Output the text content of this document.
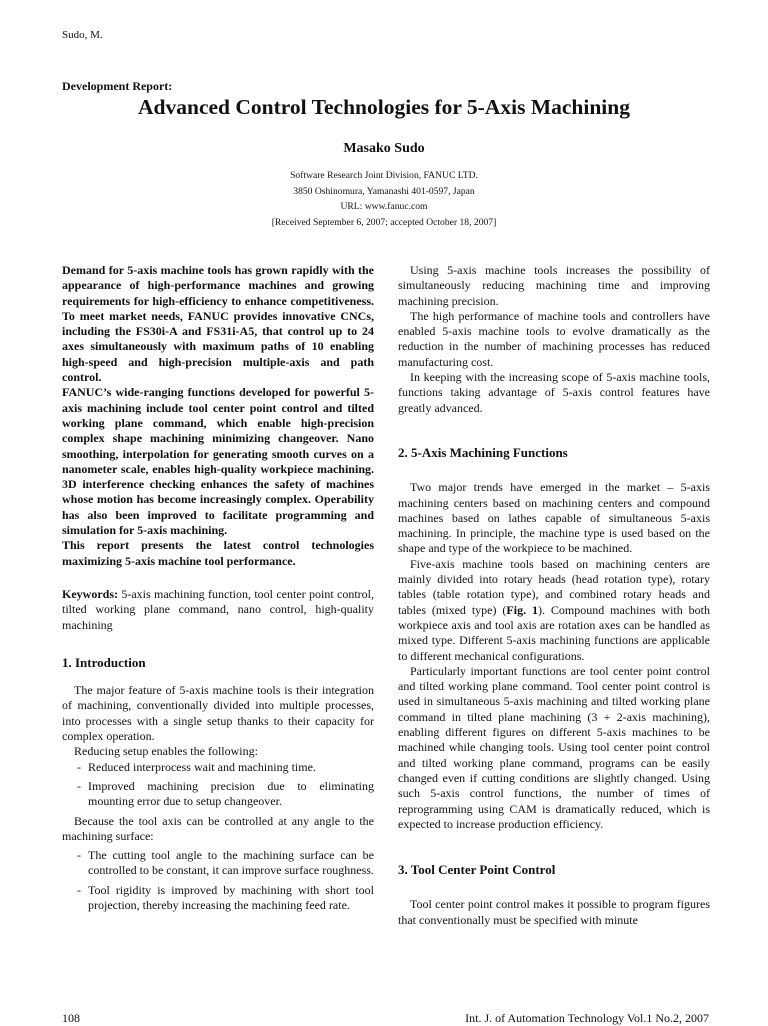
Sudo, M.
Development Report:
Advanced Control Technologies for 5-Axis Machining
Masako Sudo
Software Research Joint Division, FANUC LTD.
3850 Oshinomura, Yamanashi 401-0597, Japan
URL: www.fanuc.com
[Received September 6, 2007; accepted October 18, 2007]

Demand for 5-axis machine tools has grown rapidly with the appearance of high-performance machines and growing requirements for high-efficiency to enhance competitiveness. To meet market needs, FANUC provides innovative CNCs, including the FS30i-A and FS31i-A5, that control up to 24 axes simultaneously with maximum paths of 10 enabling high-speed and high-precision multiple-axis and path control.

FANUC’s wide-ranging functions developed for powerful 5-axis machining include tool center point control and tilted working plane command, which enable high-precision complex shape machining minimizing changeover. Nano smoothing, interpolation for generating smooth curves on a nanometer scale, enables high-quality workpiece machining. 3D interference checking enhances the safety of machines whose motion has become increasingly complex. Operability has also been improved to facilitate programming and simulation for 5-axis machining.

This report presents the latest control technologies maximizing 5-axis machine tool performance.

Keywords: 5-axis machining function, tool center point control, tilted working plane command, nano control, high-quality machining
1. Introduction

The major feature of 5-axis machine tools is their integration of machining, conventionally divided into multiple processes, into processes with a single setup thanks to their capacity for complex operation.

Reducing setup enables the following:

- Reduced interprocess wait and machining time.
- Improved machining precision due to eliminating mounting error due to setup changeover.

Because the tool axis can be controlled at any angle to the machining surface:

- The cutting tool angle to the machining surface can be controlled to be constant, it can improve surface roughness.
- Tool rigidity is improved by machining with short tool projection, thereby increasing the machining feed rate.

Using 5-axis machine tools increases the possibility of simultaneously reducing machining time and improving machining precision.

The high performance of machine tools and controllers have enabled 5-axis machine tools to evolve dramatically as the reduction in the number of machining processes has reduced manufacturing cost.

In keeping with the increasing scope of 5-axis machine tools, functions taking advantage of 5-axis control features have greatly advanced.

2. 5-Axis Machining Functions

Two major trends have emerged in the market – 5-axis machining centers based on machining centers and compound machines based on lathes capable of simultaneous 5-axis machining. In principle, the machine type is used based on the shape and type of the workpiece to be machined.

Five-axis machine tools based on machining centers are mainly divided into rotary heads (head rotation type), rotary tables (table rotation type), and combined rotary heads and tables (mixed type) (Fig. 1). Compound machines with both workpiece axis and tool axis are rotation axes can be handled as mixed type. Different 5-axis machining functions are applicable to different mechanical configurations.

Particularly important functions are tool center point control and tilted working plane command. Tool center point control is used in simultaneous 5-axis machining and tilted working plane command in tilted plane machining (3 + 2-axis machining), enabling different figures on different 5-axis machines to be machined while changing tools. Using tool center point control and tilted working plane command, programs can be easily changed even if cutting conditions are slightly changed. Using such 5-axis control functions, the number of times of reprogramming using CAM is dramatically reduced, which is expected to increase production efficiency.

3. Tool Center Point Control

Tool center point control makes it possible to program figures that conventionally must be specified with minute

108	Int. J. of Automation Technology Vol.1 No.2, 2007
